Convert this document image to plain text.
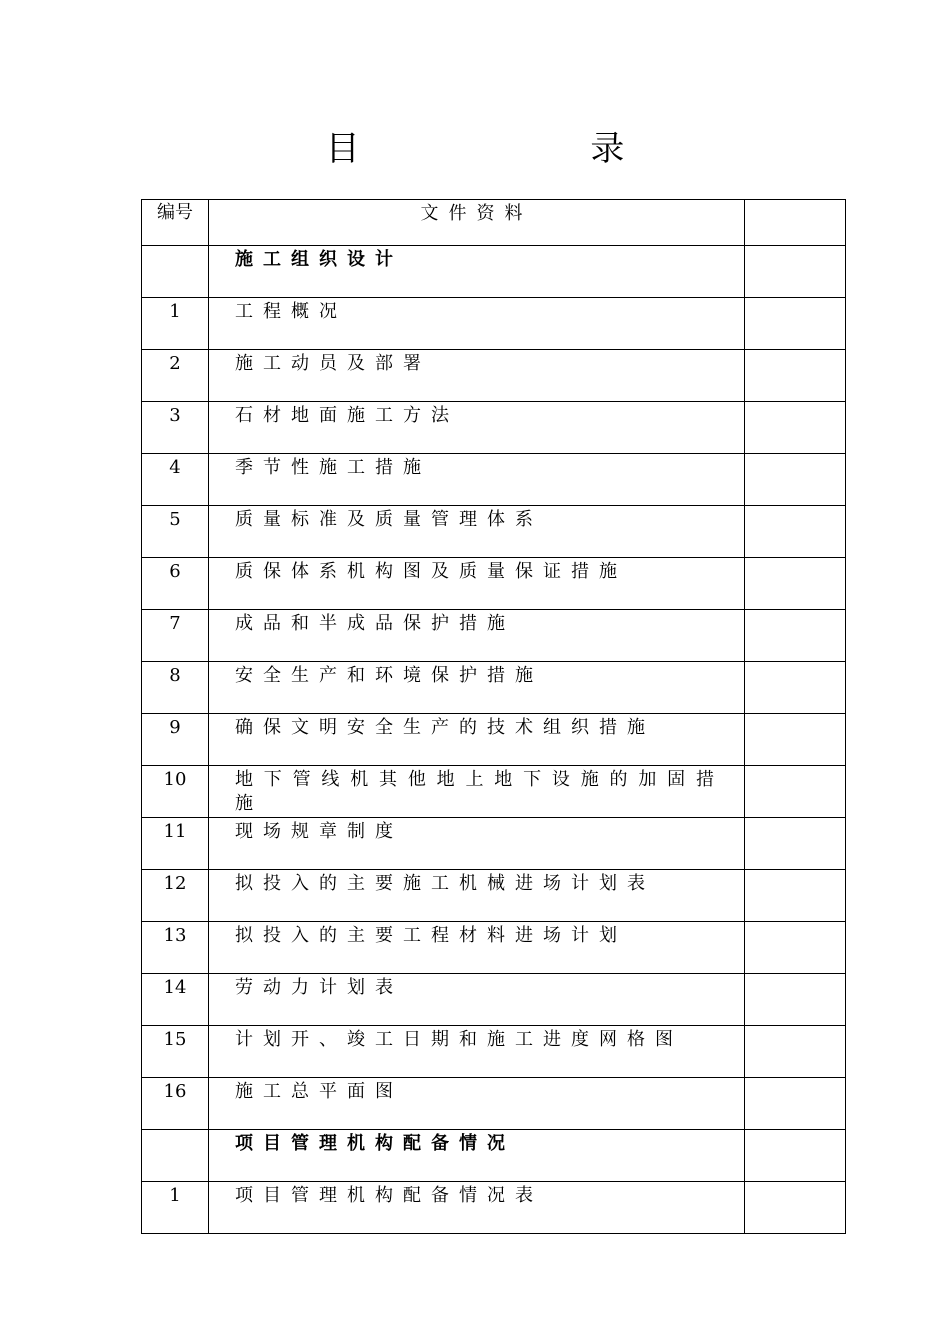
目 录
编号	文件资料	
	施工组织设计	
1	工程概况	
2	施工动员及部署	
3	石材地面施工方法	
4	季节性施工措施	
5	质量标准及质量管理体系	
6	质保体系机构图及质量保证措施	
7	成品和半成品保护措施	
8	安全生产和环境保护措施	
9	确保文明安全生产的技术组织措施	
10	地下管线机其他地上地下设施的加固措施	
11	现场规章制度	
12	拟投入的主要施工机械进场计划表	
13	拟投入的主要工程材料进场计划	
14	劳动力计划表	
15	计划开、竣工日期和施工进度网格图	
16	施工总平面图	
	项目管理机构配备情况	
1	项目管理机构配备情况表	
